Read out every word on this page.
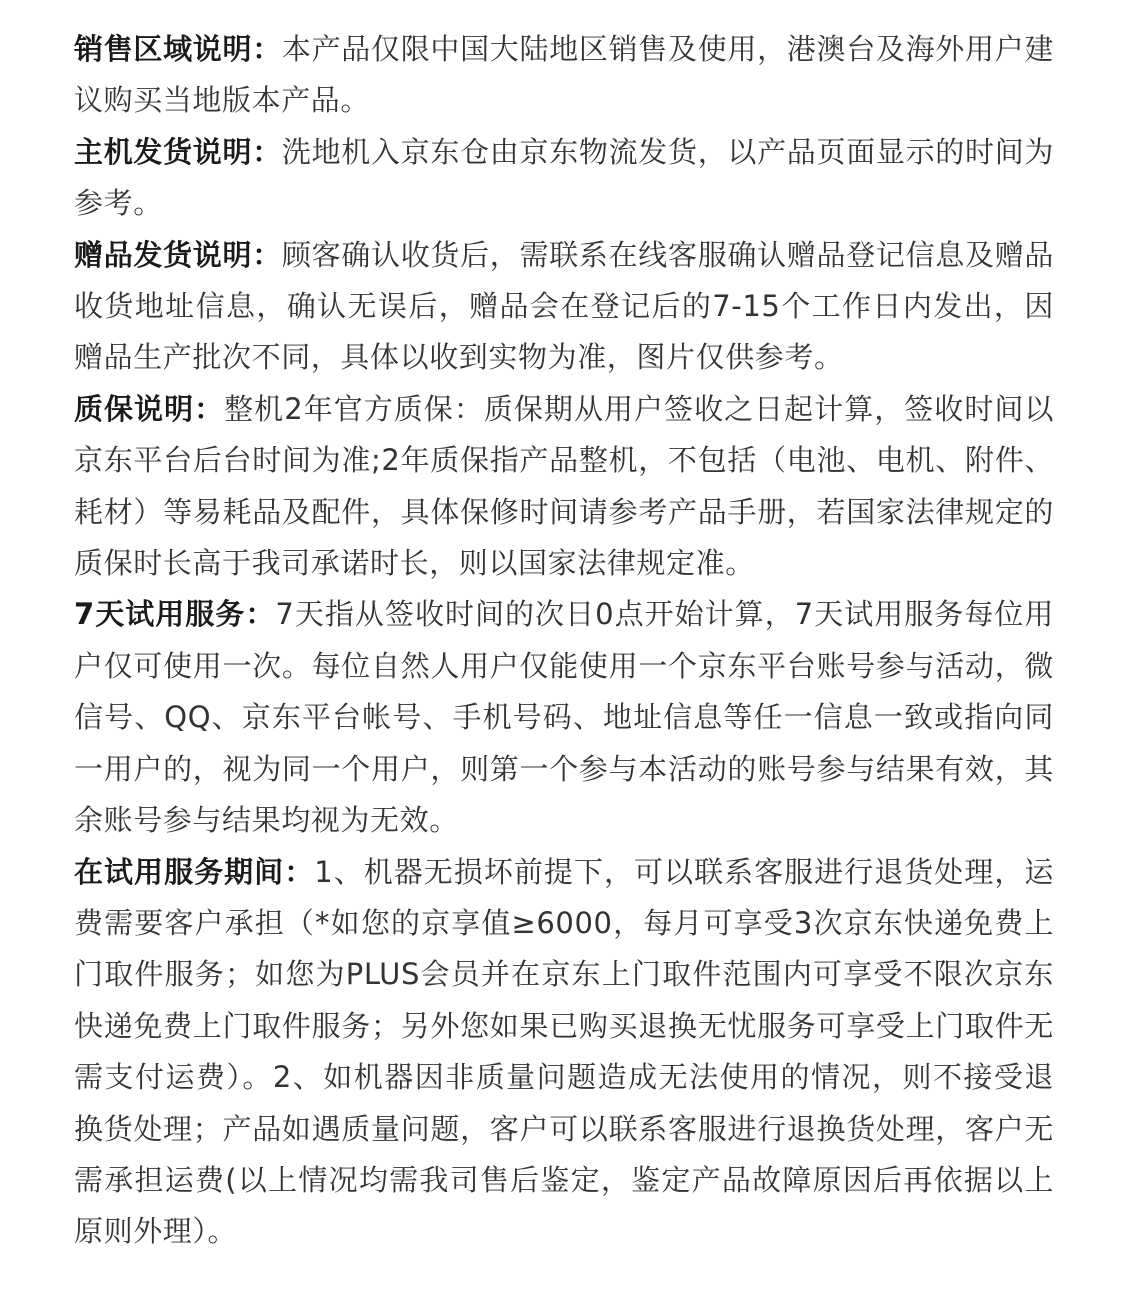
销售区域说明：本产品仅限中国大陆地区销售及使用，港澳台及海外用户建议购买当地版本产品。

主机发货说明：洗地机入京东仓由京东物流发货，以产品页面显示的时间为参考。

赠品发货说明：顾客确认收货后，需联系在线客服确认赠品登记信息及赠品收货地址信息，确认无误后，赠品会在登记后的7-15个工作日内发出，因赠品生产批次不同，具体以收到实物为准，图片仅供参考。

质保说明：整机2年官方质保：质保期从用户签收之日起计算，签收时间以京东平台后台时间为准;2年质保指产品整机，不包括（电池、电机、附件、耗材）等易耗品及配件，具体保修时间请参考产品手册，若国家法律规定的质保时长高于我司承诺时长，则以国家法律规定准。

7天试用服务：7天指从签收时间的次日0点开始计算，7天试用服务每位用户仅可使用一次。每位自然人用户仅能使用一个京东平台账号参与活动，微信号、QQ、京东平台帐号、手机号码、地址信息等任一信息一致或指向同一用户的，视为同一个用户，则第一个参与本活动的账号参与结果有效，其余账号参与结果均视为无效。

在试用服务期间：1、机器无损坏前提下，可以联系客服进行退货处理，运费需要客户承担（*如您的京享值≥6000，每月可享受3次京东快递免费上门取件服务；如您为PLUS会员并在京东上门取件范围内可享受不限次京东快递免费上门取件服务；另外您如果已购买退换无忧服务可享受上门取件无需支付运费）。2、如机器因非质量问题造成无法使用的情况，则不接受退换货处理；产品如遇质量问题，客户可以联系客服进行退换货处理，客户无需承担运费(以上情况均需我司售后鉴定，鉴定产品故障原因后再依据以上原则外理）。
